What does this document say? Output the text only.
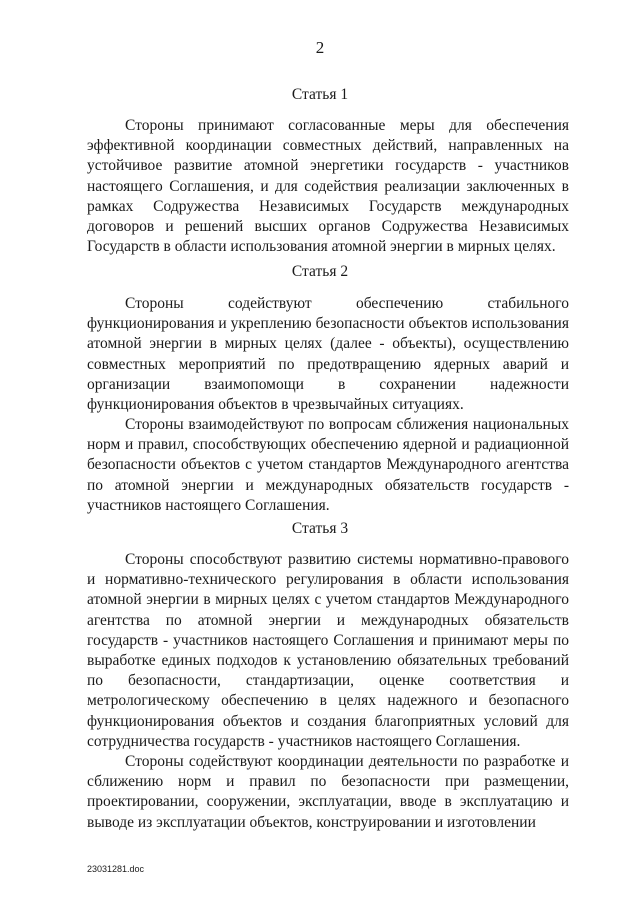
2
Статья 1

Стороны принимают согласованные меры для обеспечения эффективной координации совместных действий, направленных на устойчивое развитие атомной энергетики государств - участников настоящего Соглашения, и для содействия реализации заключенных в рамках Содружества Независимых Государств международных договоров и решений высших органов Содружества Независимых Государств в области использования атомной энергии в мирных целях.

Статья 2

Стороны содействуют обеспечению стабильного функционирования и укреплению безопасности объектов использования атомной энергии в мирных целях (далее - объекты), осуществлению совместных мероприятий по предотвращению ядерных аварий и организации взаимопомощи в сохранении надежности функционирования объектов в чрезвычайных ситуациях.

Стороны взаимодействуют по вопросам сближения национальных норм и правил, способствующих обеспечению ядерной и радиационной безопасности объектов с учетом стандартов Международного агентства по атомной энергии и международных обязательств государств - участников настоящего Соглашения.

Статья 3

Стороны способствуют развитию системы нормативно-правового и нормативно-технического регулирования в области использования атомной энергии в мирных целях с учетом стандартов Международного агентства по атомной энергии и международных обязательств государств - участников настоящего Соглашения и принимают меры по выработке единых подходов к установлению обязательных требований по безопасности, стандартизации, оценке соответствия и метрологическому обеспечению в целях надежного и безопасного функционирования объектов и создания благоприятных условий для сотрудничества государств - участников настоящего Соглашения.

Стороны содействуют координации деятельности по разработке и сближению норм и правил по безопасности при размещении, проектировании, сооружении, эксплуатации, вводе в эксплуатацию и выводе из эксплуатации объектов, конструировании и изготовлении

23031281.doc
